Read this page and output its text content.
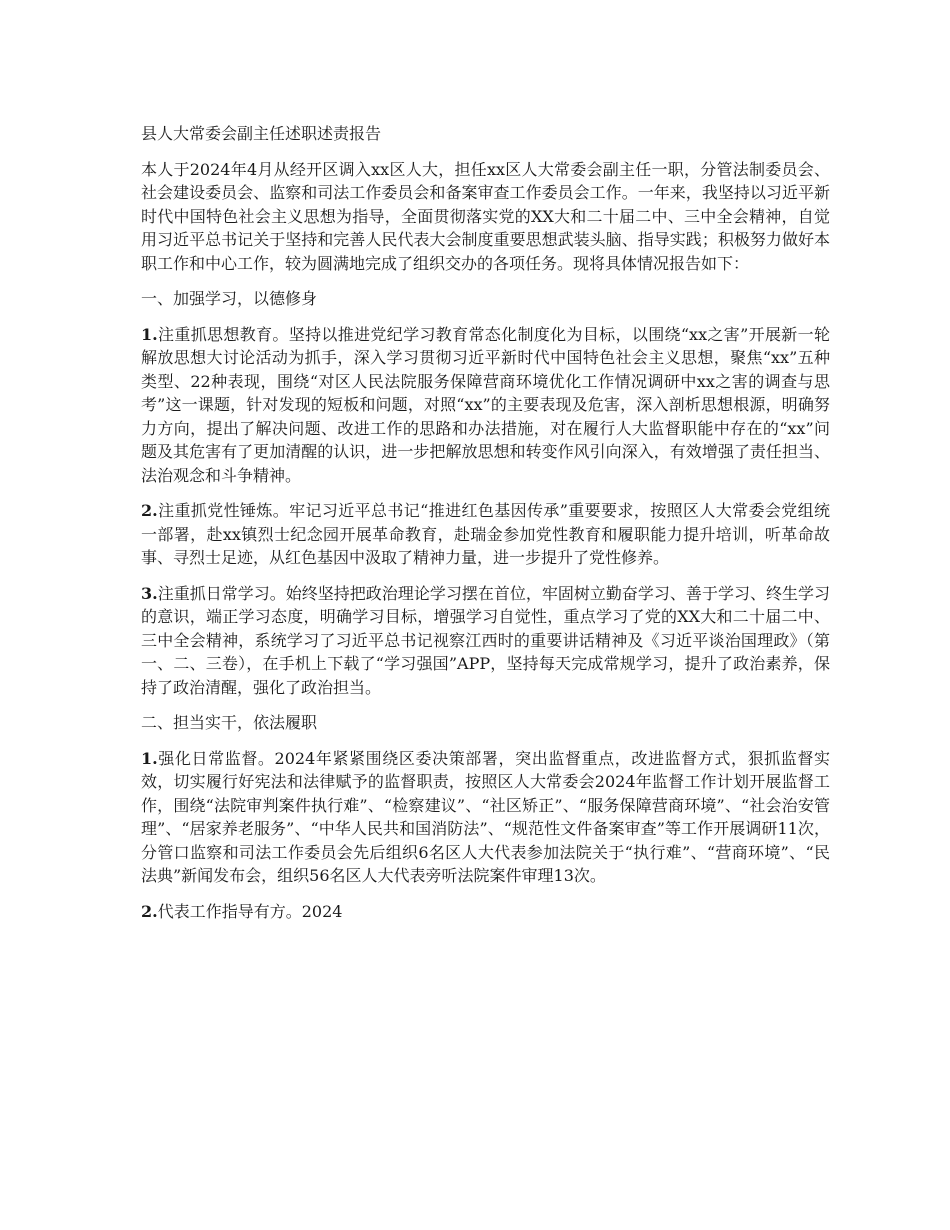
县人大常委会副主任述职述责报告

本人于2024年4月从经开区调入xx区人大，担任xx区人大常委会副主任一职，分管法制委员会、社会建设委员会、监察和司法工作委员会和备案审查工作委员会工作。一年来，我坚持以习近平新时代中国特色社会主义思想为指导，全面贯彻落实党的XX大和二十届二中、三中全会精神，自觉用习近平总书记关于坚持和完善人民代表大会制度重要思想武装头脑、指导实践；积极努力做好本职工作和中心工作，较为圆满地完成了组织交办的各项任务。现将具体情况报告如下：

一、加强学习，以德修身

1.注重抓思想教育。坚持以推进党纪学习教育常态化制度化为目标，以围绕“xx之害”开展新一轮解放思想大讨论活动为抓手，深入学习贯彻习近平新时代中国特色社会主义思想，聚焦“xx”五种类型、22种表现，围绕“对区人民法院服务保障营商环境优化工作情况调研中xx之害的调查与思考”这一课题，针对发现的短板和问题，对照“xx”的主要表现及危害，深入剖析思想根源，明确努力方向，提出了解决问题、改进工作的思路和办法措施，对在履行人大监督职能中存在的“xx”问题及其危害有了更加清醒的认识，进一步把解放思想和转变作风引向深入，有效增强了责任担当、法治观念和斗争精神。

2.注重抓党性锤炼。牢记习近平总书记“推进红色基因传承”重要要求，按照区人大常委会党组统一部署，赴xx镇烈士纪念园开展革命教育，赴瑞金参加党性教育和履职能力提升培训，听革命故事、寻烈士足迹，从红色基因中汲取了精神力量，进一步提升了党性修养。

3.注重抓日常学习。始终坚持把政治理论学习摆在首位，牢固树立勤奋学习、善于学习、终生学习的意识，端正学习态度，明确学习目标，增强学习自觉性，重点学习了党的XX大和二十届二中、三中全会精神，系统学习了习近平总书记视察江西时的重要讲话精神及《习近平谈治国理政》（第一、二、三卷），在手机上下载了“学习强国”APP，坚持每天完成常规学习，提升了政治素养，保持了政治清醒，强化了政治担当。

二、担当实干，依法履职

1.强化日常监督。2024年紧紧围绕区委决策部署，突出监督重点，改进监督方式，狠抓监督实效，切实履行好宪法和法律赋予的监督职责，按照区人大常委会2024年监督工作计划开展监督工作，围绕“法院审判案件执行难”、“检察建议”、“社区矫正”、“服务保障营商环境”、“社会治安管理”、“居家养老服务”、“中华人民共和国消防法”、“规范性文件备案审查”等工作开展调研11次，分管口监察和司法工作委员会先后组织6名区人大代表参加法院关于“执行难”、“营商环境”、“民法典”新闻发布会，组织56名区人大代表旁听法院案件审理13次。

2.代表工作指导有方。2024
